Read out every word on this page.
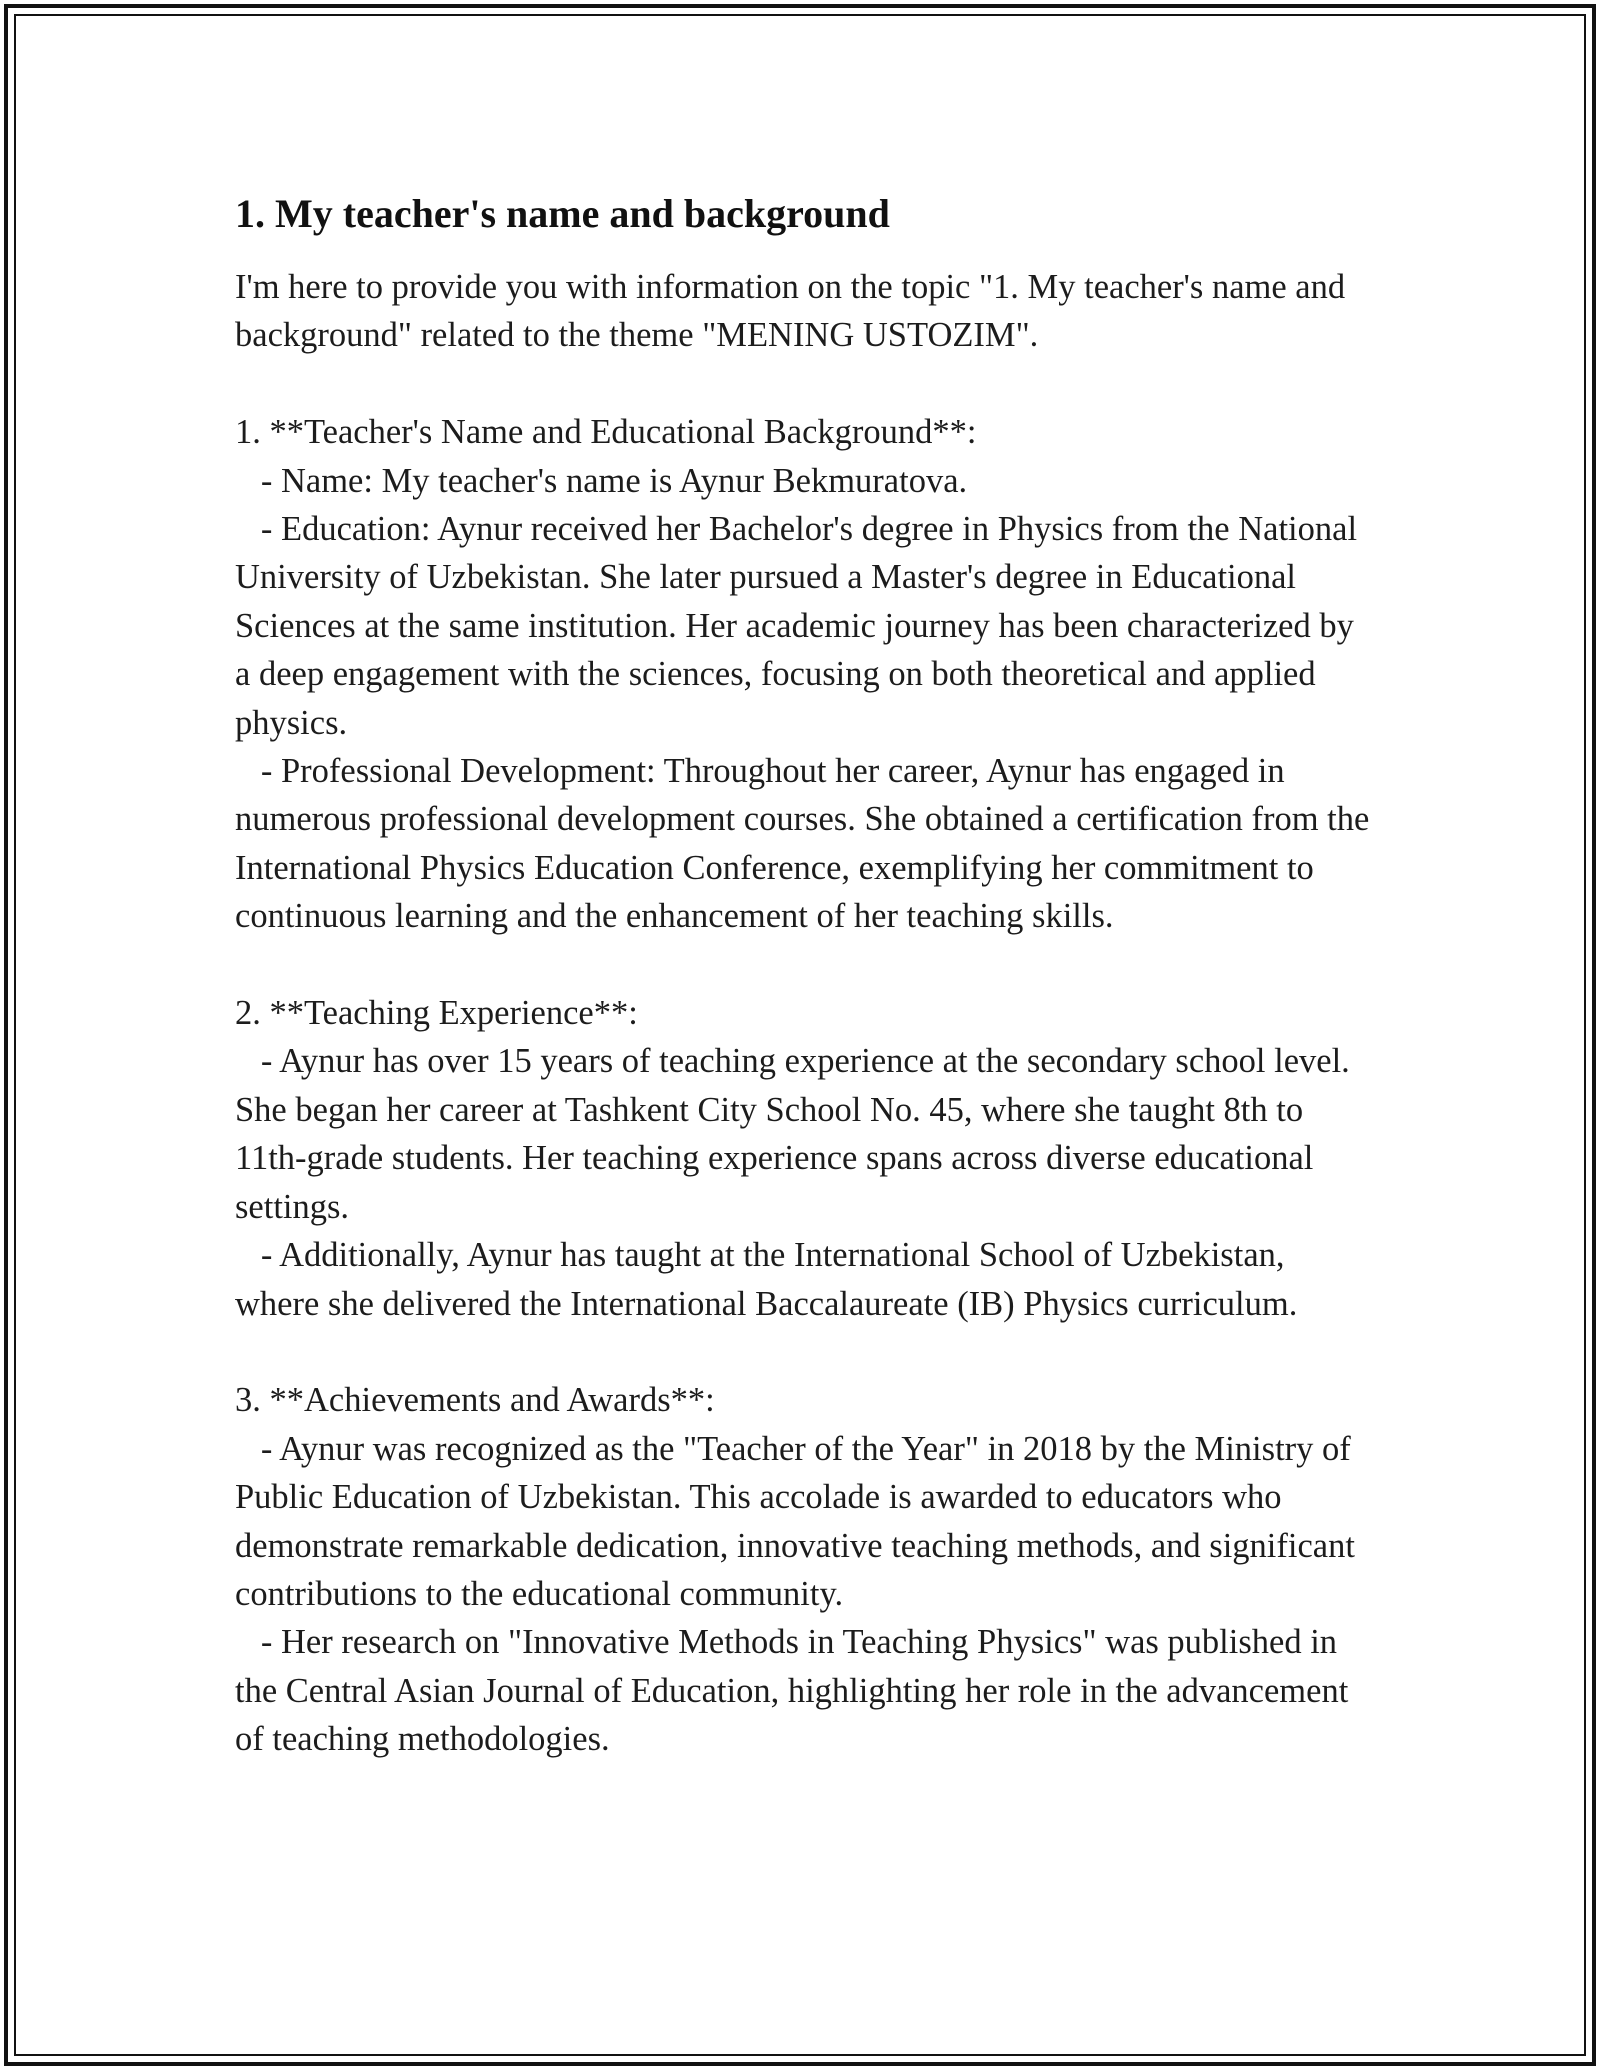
1. My teacher's name and background

I'm here to provide you with information on the topic "1. My teacher's name and background" related to the theme "MENING USTOZIM".

1. **Teacher's Name and Educational Background**:

- Name: My teacher's name is Aynur Bekmuratova.

- Education: Aynur received her Bachelor's degree in Physics from the National University of Uzbekistan. She later pursued a Master's degree in Educational Sciences at the same institution. Her academic journey has been characterized by a deep engagement with the sciences, focusing on both theoretical and applied physics.

- Professional Development: Throughout her career, Aynur has engaged in numerous professional development courses. She obtained a certification from the International Physics Education Conference, exemplifying her commitment to continuous learning and the enhancement of her teaching skills.

2. **Teaching Experience**:

- Aynur has over 15 years of teaching experience at the secondary school level. She began her career at Tashkent City School No. 45, where she taught 8th to 11th-grade students. Her teaching experience spans across diverse educational settings.

- Additionally, Aynur has taught at the International School of Uzbekistan, where she delivered the International Baccalaureate (IB) Physics curriculum.

3. **Achievements and Awards**:

- Aynur was recognized as the "Teacher of the Year" in 2018 by the Ministry of Public Education of Uzbekistan. This accolade is awarded to educators who demonstrate remarkable dedication, innovative teaching methods, and significant contributions to the educational community.

- Her research on "Innovative Methods in Teaching Physics" was published in the Central Asian Journal of Education, highlighting her role in the advancement of teaching methodologies.
